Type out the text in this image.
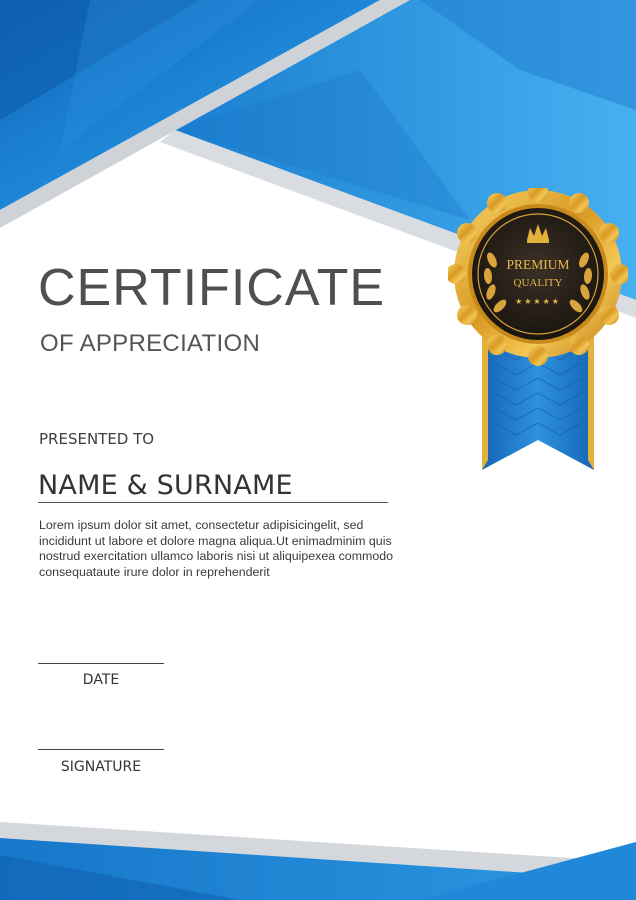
CERTIFICATE
OF APPRECIATION
PRESENTED TO
NAME & SURNAME
Lorem ipsum dolor sit amet, consectetur adipisicingelit, sed incididunt ut labore et dolore magna aliqua.Ut enimadminim quis nostrud exercitation ullamco laboris nisi ut aliquipexea commodo consequataute irure dolor in reprehenderit
DATE
SIGNATURE
PREMIUM
QUALITY
★★★★★
